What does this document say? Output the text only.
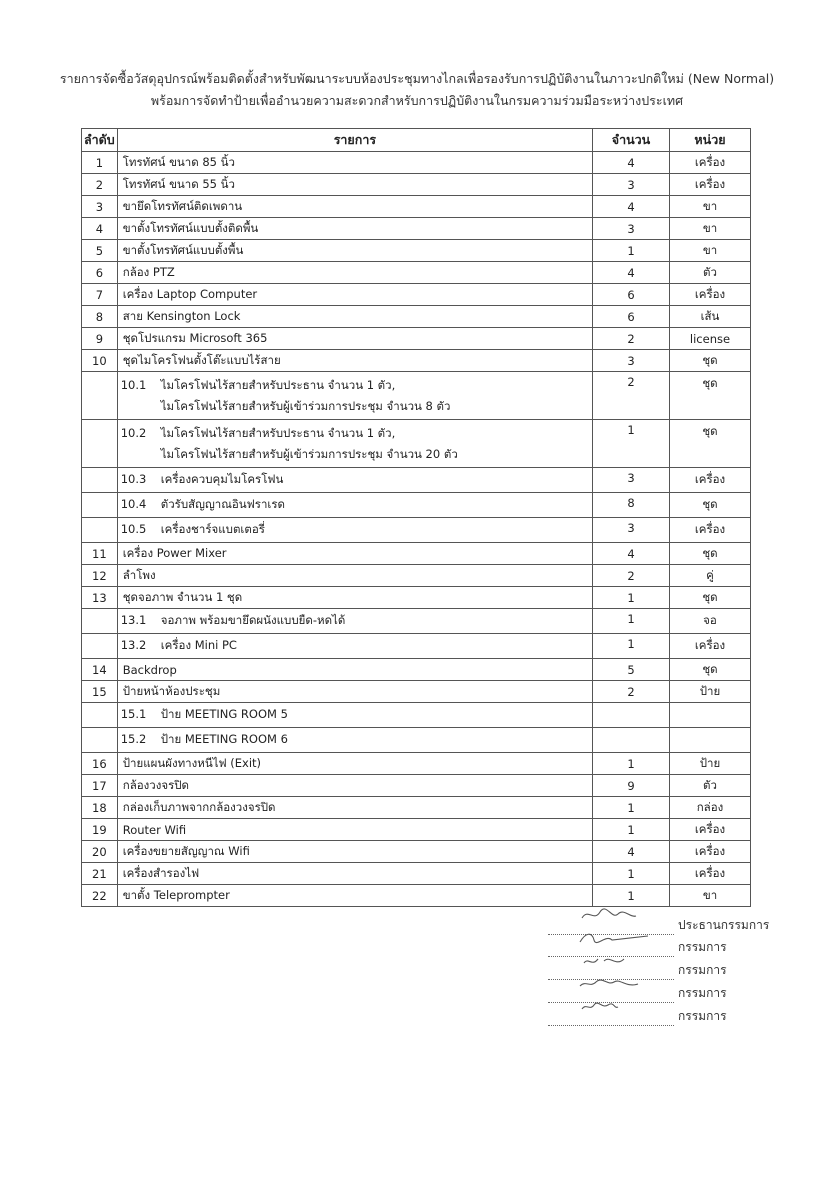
รายการจัดซื้อวัสดุอุปกรณ์พร้อมติดตั้งสำหรับพัฒนาระบบห้องประชุมทางไกลเพื่อรองรับการปฏิบัติงานในภาวะปกติใหม่ (New Normal)
พร้อมการจัดทำป้ายเพื่ออำนวยความสะดวกสำหรับการปฏิบัติงานในกรมความร่วมมือระหว่างประเทศ
ลำดับ	รายการ	จำนวน	หน่วย
1	โทรทัศน์ ขนาด 85 นิ้ว	4	เครื่อง
2	โทรทัศน์ ขนาด 55 นิ้ว	3	เครื่อง
3	ขายึดโทรทัศน์ติดเพดาน	4	ขา
4	ขาตั้งโทรทัศน์แบบตั้งติดพื้น	3	ขา
5	ขาตั้งโทรทัศน์แบบตั้งพื้น	1	ขา
6	กล้อง PTZ	4	ตัว
7	เครื่อง Laptop Computer	6	เครื่อง
8	สาย Kensington Lock	6	เส้น
9	ชุดโปรแกรม Microsoft 365	2	license
10	ชุดไมโครโฟนตั้งโต๊ะแบบไร้สาย	3	ชุด
	10.1 ไมโครโฟนไร้สายสำหรับประธาน จำนวน 1 ตัว,
ไมโครโฟนไร้สายสำหรับผู้เข้าร่วมการประชุม จำนวน 8 ตัว	2	ชุด
	10.2 ไมโครโฟนไร้สายสำหรับประธาน จำนวน 1 ตัว,
ไมโครโฟนไร้สายสำหรับผู้เข้าร่วมการประชุม จำนวน 20 ตัว	1	ชุด
	10.3 เครื่องควบคุมไมโครโฟน	3	เครื่อง
	10.4 ตัวรับสัญญาณอินฟราเรด	8	ชุด
	10.5 เครื่องชาร์จแบตเตอรี่	3	เครื่อง
11	เครื่อง Power Mixer	4	ชุด
12	ลำโพง	2	คู่
13	ชุดจอภาพ จำนวน 1 ชุด	1	ชุด
	13.1 จอภาพ พร้อมขายึดผนังแบบยืด-หดได้	1	จอ
	13.2 เครื่อง Mini PC	1	เครื่อง
14	Backdrop	5	ชุด
15	ป้ายหน้าห้องประชุม	2	ป้าย
	15.1 ป้าย MEETING ROOM 5		
	15.2 ป้าย MEETING ROOM 6		
16	ป้ายแผนผังทางหนีไฟ (Exit)	1	ป้าย
17	กล้องวงจรปิด	9	ตัว
18	กล่องเก็บภาพจากกล้องวงจรปิด	1	กล่อง
19	Router Wifi	1	เครื่อง
20	เครื่องขยายสัญญาณ Wifi	4	เครื่อง
21	เครื่องสำรองไฟ	1	เครื่อง
22	ขาตั้ง Teleprompter	1	ขา
ประธานกรรมการ
กรรมการ
กรรมการ
กรรมการ
กรรมการ
